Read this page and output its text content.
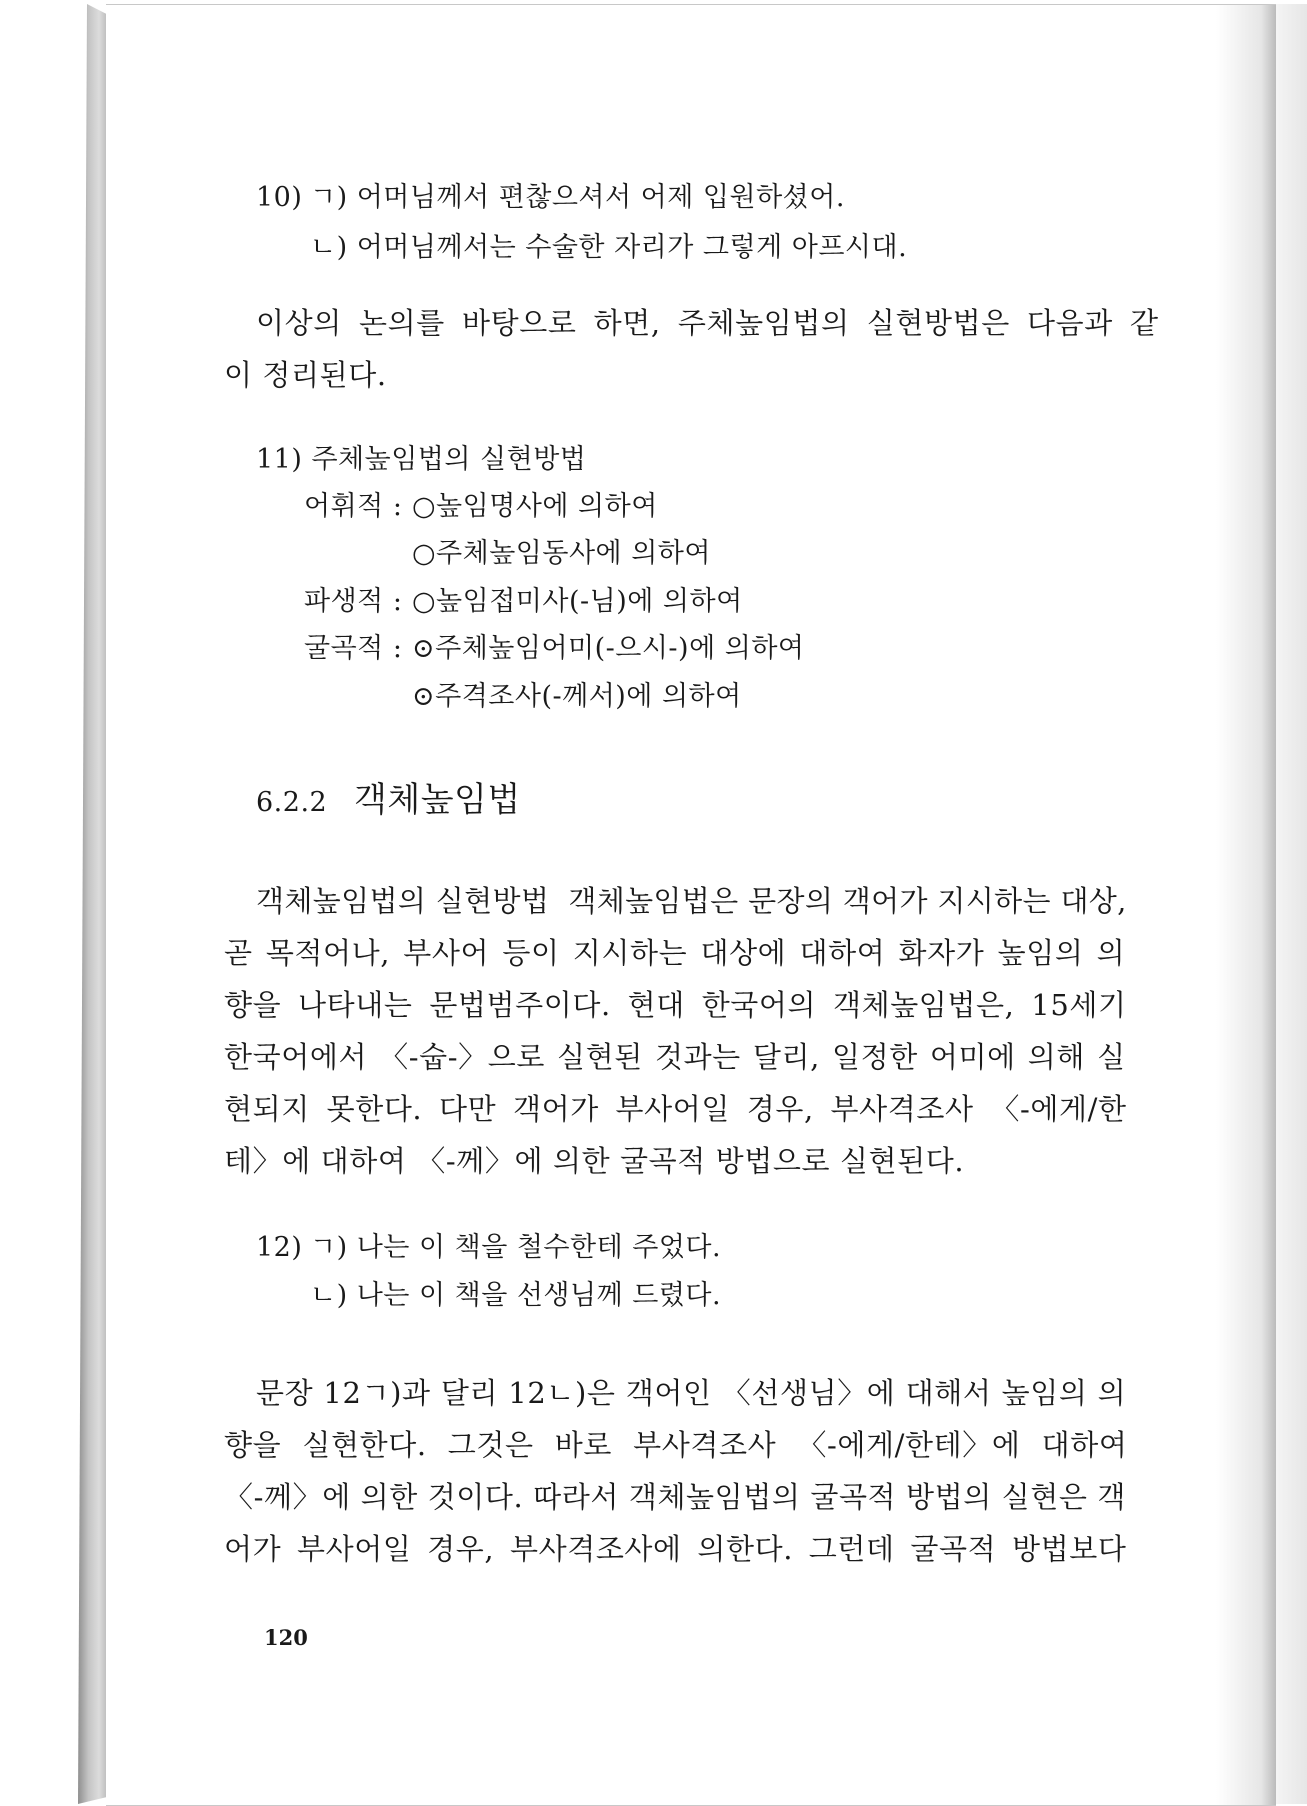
10) ㄱ) 어머님께서 편찮으셔서 어제 입원하셨어.
ㄴ) 어머님께서는 수술한 자리가 그렇게 아프시대.
이상의 논의를 바탕으로 하면, 주체높임법의 실현방법은 다음과 같
이 정리된다.
11) 주체높임법의 실현방법
어휘적 : ○높임명사에 의하여
○주체높임동사에 의하여
파생적 : ○높임접미사(-님)에 의하여
굴곡적 : ⊙주체높임어미(-으시-)에 의하여
⊙주격조사(-께서)에 의하여
6.2.2 객체높임법
객체높임법의 실현방법  객체높임법은 문장의 객어가 지시하는 대상,
곧 목적어나, 부사어 등이 지시하는 대상에 대하여 화자가 높임의 의
향을 나타내는 문법범주이다. 현대 한국어의 객체높임법은, 15세기
한국어에서 〈-숩-〉으로 실현된 것과는 달리, 일정한 어미에 의해 실
현되지 못한다. 다만 객어가 부사어일 경우, 부사격조사 〈-에게/한
테〉에 대하여 〈-께〉에 의한 굴곡적 방법으로 실현된다.
12) ㄱ) 나는 이 책을 철수한테 주었다.
ㄴ) 나는 이 책을 선생님께 드렸다.
문장 12ㄱ)과 달리 12ㄴ)은 객어인 〈선생님〉에 대해서 높임의 의
향을 실현한다. 그것은 바로 부사격조사 〈-에게/한테〉에 대하여
〈-께〉에 의한 것이다. 따라서 객체높임법의 굴곡적 방법의 실현은 객
어가 부사어일 경우, 부사격조사에 의한다. 그런데 굴곡적 방법보다
120
